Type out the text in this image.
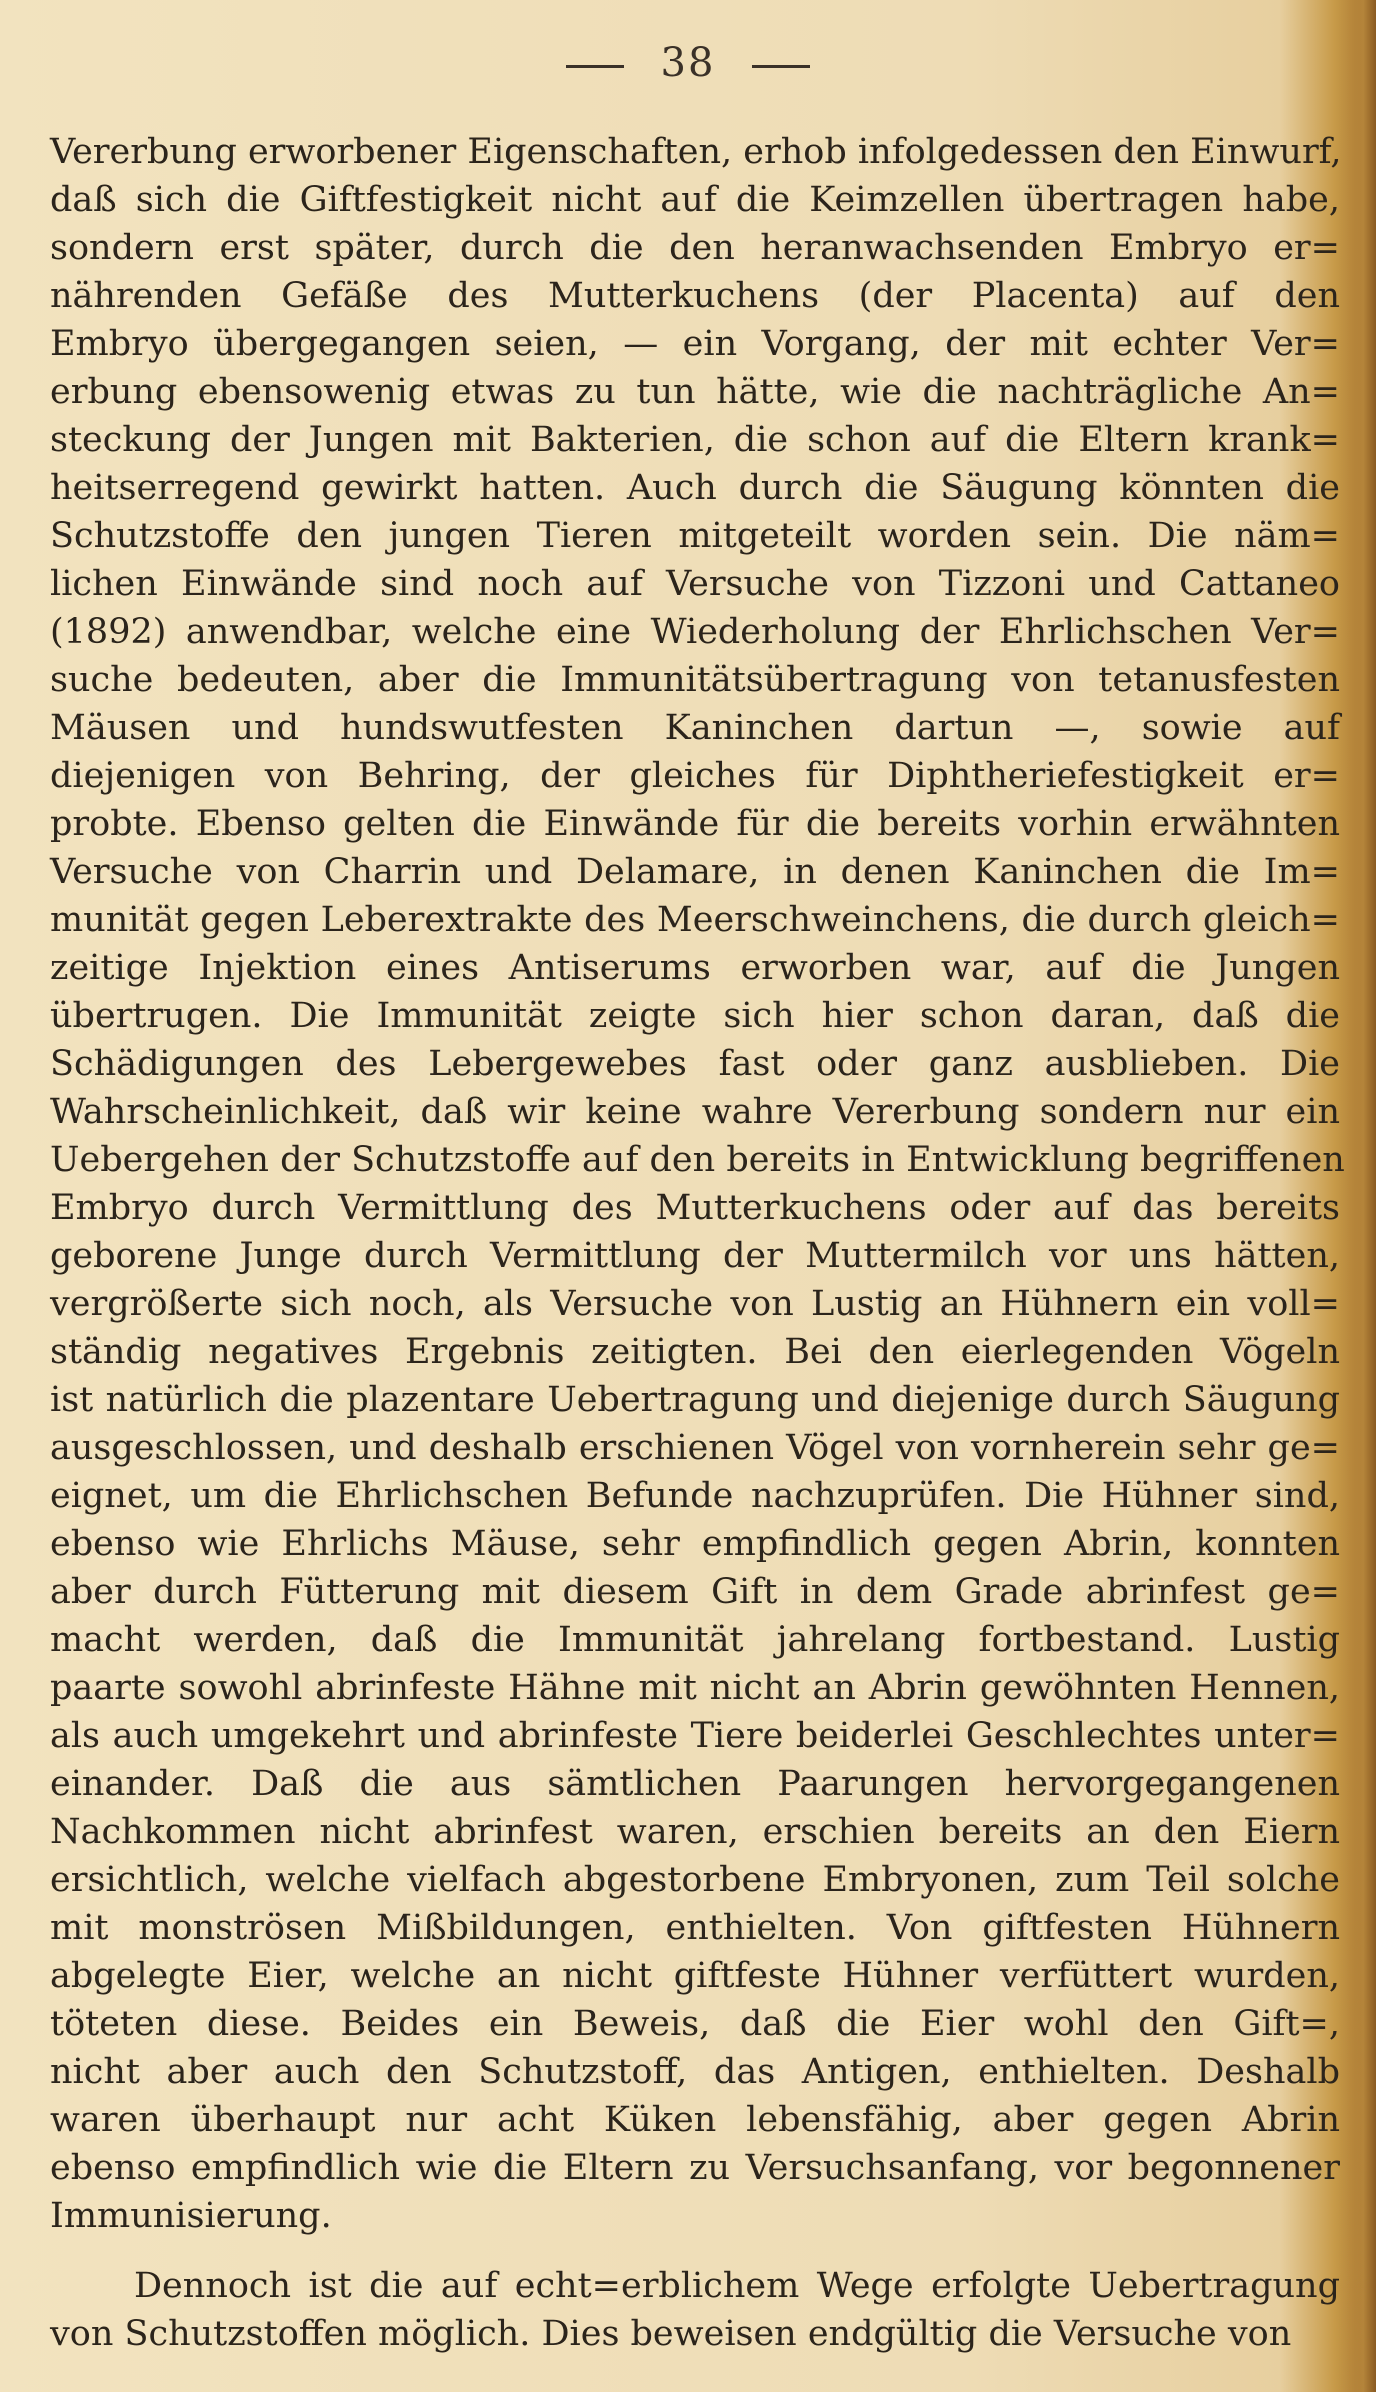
38
Vererbung erworbener Eigenschaften, erhob infolgedessen den Einwurf,
daß sich die Giftfestigkeit nicht auf die Keimzellen übertragen habe,
sondern erst später, durch die den heranwachsenden Embryo er=
nährenden Gefäße des Mutterkuchens (der Placenta) auf den
Embryo übergegangen seien, — ein Vorgang, der mit echter Ver=
erbung ebensowenig etwas zu tun hätte, wie die nachträgliche An=
steckung der Jungen mit Bakterien, die schon auf die Eltern krank=
heitserregend gewirkt hatten. Auch durch die Säugung könnten die
Schutzstoffe den jungen Tieren mitgeteilt worden sein. Die näm=
lichen Einwände sind noch auf Versuche von Tizzoni und Cattaneo
(1892) anwendbar, welche eine Wiederholung der Ehrlichschen Ver=
suche bedeuten, aber die Immunitätsübertragung von tetanusfesten
Mäusen und hundswutfesten Kaninchen dartun —, sowie auf
diejenigen von Behring, der gleiches für Diphtheriefestigkeit er=
probte. Ebenso gelten die Einwände für die bereits vorhin erwähnten
Versuche von Charrin und Delamare, in denen Kaninchen die Im=
munität gegen Leberextrakte des Meerschweinchens, die durch gleich=
zeitige Injektion eines Antiserums erworben war, auf die Jungen
übertrugen. Die Immunität zeigte sich hier schon daran, daß die
Schädigungen des Lebergewebes fast oder ganz ausblieben. Die
Wahrscheinlichkeit, daß wir keine wahre Vererbung sondern nur ein
Uebergehen der Schutzstoffe auf den bereits in Entwicklung begriffenen
Embryo durch Vermittlung des Mutterkuchens oder auf das bereits
geborene Junge durch Vermittlung der Muttermilch vor uns hätten,
vergrößerte sich noch, als Versuche von Lustig an Hühnern ein voll=
ständig negatives Ergebnis zeitigten. Bei den eierlegenden Vögeln
ist natürlich die plazentare Uebertragung und diejenige durch Säugung
ausgeschlossen, und deshalb erschienen Vögel von vornherein sehr ge=
eignet, um die Ehrlichschen Befunde nachzuprüfen. Die Hühner sind,
ebenso wie Ehrlichs Mäuse, sehr empfindlich gegen Abrin, konnten
aber durch Fütterung mit diesem Gift in dem Grade abrinfest ge=
macht werden, daß die Immunität jahrelang fortbestand. Lustig
paarte sowohl abrinfeste Hähne mit nicht an Abrin gewöhnten Hennen,
als auch umgekehrt und abrinfeste Tiere beiderlei Geschlechtes unter=
einander. Daß die aus sämtlichen Paarungen hervorgegangenen
Nachkommen nicht abrinfest waren, erschien bereits an den Eiern
ersichtlich, welche vielfach abgestorbene Embryonen, zum Teil solche
mit monströsen Mißbildungen, enthielten. Von giftfesten Hühnern
abgelegte Eier, welche an nicht giftfeste Hühner verfüttert wurden,
töteten diese. Beides ein Beweis, daß die Eier wohl den Gift=,
nicht aber auch den Schutzstoff, das Antigen, enthielten. Deshalb
waren überhaupt nur acht Küken lebensfähig, aber gegen Abrin
ebenso empfindlich wie die Eltern zu Versuchsanfang, vor begonnener
Immunisierung.
Dennoch ist die auf echt=erblichem Wege erfolgte Uebertragung
von Schutzstoffen möglich. Dies beweisen endgültig die Versuche von
